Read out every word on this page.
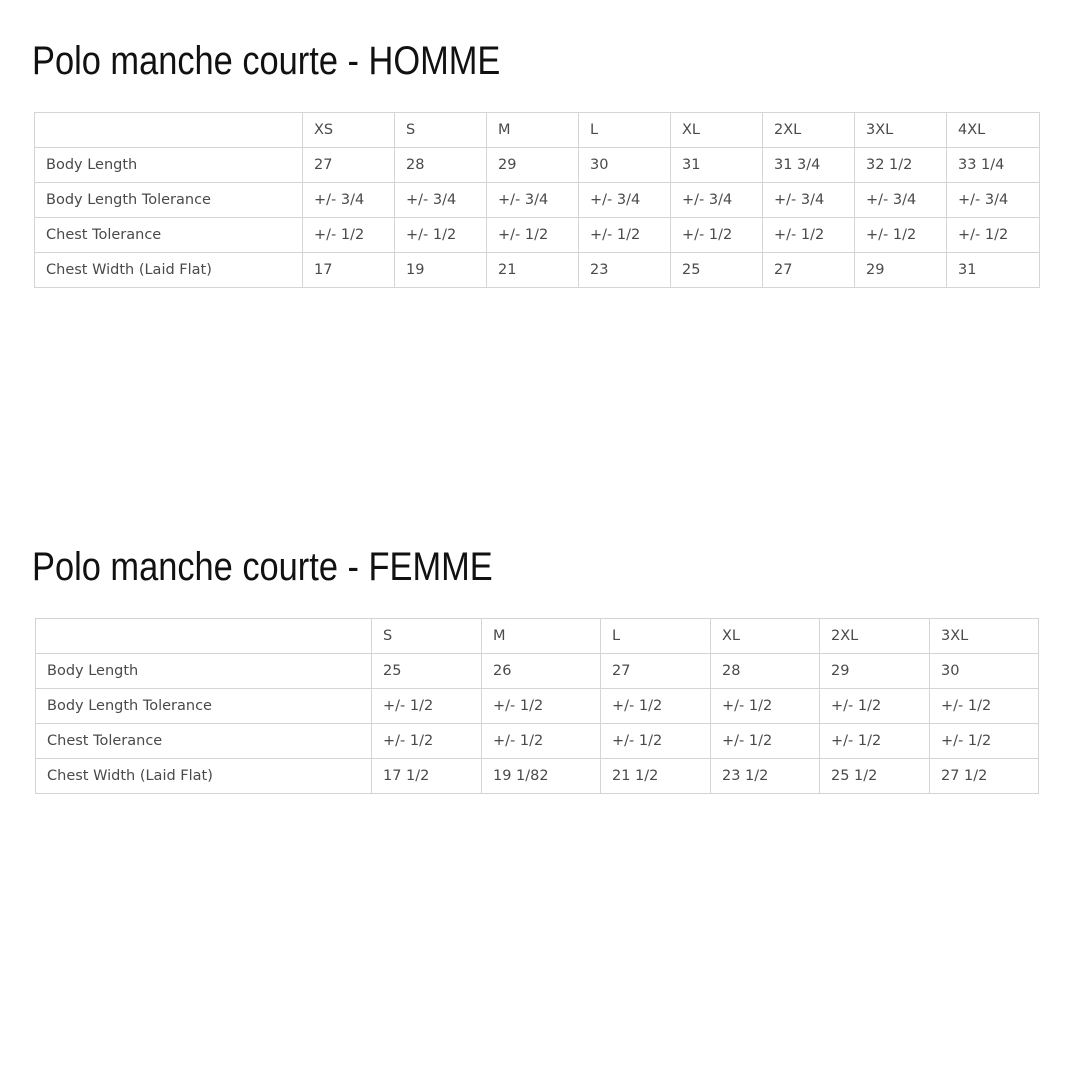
Polo manche courte - HOMME
	XS	S	M	L	XL	2XL	3XL	4XL
Body Length	27	28	29	30	31	31 3/4	32 1/2	33 1/4
Body Length Tolerance	+/- 3/4	+/- 3/4	+/- 3/4	+/- 3/4	+/- 3/4	+/- 3/4	+/- 3/4	+/- 3/4
Chest Tolerance	+/- 1/2	+/- 1/2	+/- 1/2	+/- 1/2	+/- 1/2	+/- 1/2	+/- 1/2	+/- 1/2
Chest Width (Laid Flat)	17	19	21	23	25	27	29	31
Polo manche courte - FEMME
	S	M	L	XL	2XL	3XL
Body Length	25	26	27	28	29	30
Body Length Tolerance	+/- 1/2	+/- 1/2	+/- 1/2	+/- 1/2	+/- 1/2	+/- 1/2
Chest Tolerance	+/- 1/2	+/- 1/2	+/- 1/2	+/- 1/2	+/- 1/2	+/- 1/2
Chest Width (Laid Flat)	17 1/2	19 1/82	21 1/2	23 1/2	25 1/2	27 1/2
